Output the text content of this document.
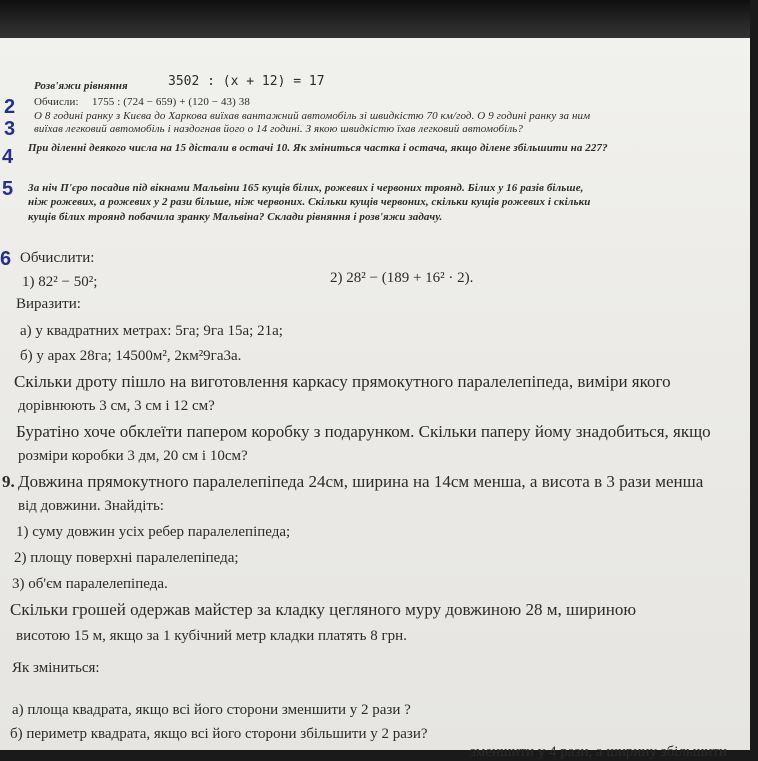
Розв'яжи рівняння	3502 : (x + 12) = 17
Обчисли: 1755 : (724 − 659) + (120 − 43) 38
О 8 годині ранку з Києва до Харкова виїхав вантажний автомобіль зі швидкістю 70 км/год. О 9 годині ранку за ним
виїхав легковий автомобіль і наздогнав його о 14 годині. З якою швидкістю їхав легковий автомобіль?
При діленні деякого числа на 15 дістали в остачі 10. Як зміниться частка і остача, якщо ділене збільшити на 227?
За ніч П'єро посадив під вікнами Мальвіни 165 кущів білих, рожевих і червоних троянд. Білих у 16 разів більше,
ніж рожевих, а рожевих у 2 рази більше, ніж червоних. Скільки кущів червоних, скільки кущів рожевих і скільки
кущів білих троянд побачила зранку Мальвіна? Склади рівняння і розв'яжи задачу.
2
3
4
5
6 Обчислити:
1) 82² − 50²;	2) 28² − (189 + 16² · 2).
Виразити:
а) у квадратних метрах: 5га; 9га 15а; 21а;
б) у арах 28га; 14500м², 2км²9га3а.
Скільки дроту пішло на виготовлення каркасу прямокутного паралелепіпеда, виміри якого
дорівнюють 3 см, 3 см і 12 см?
Буратіно хоче обклеїти папером коробку з подарунком. Скільки паперу йому знадобиться, якщо
розміри коробки 3 дм, 20 см і 10см?
9. Довжина прямокутного паралелепіпеда 24см, ширина на 14см менша, а висота в 3 рази менша
від довжини. Знайдіть:
1) суму довжин усіх ребер паралелепіпеда;
2) площу поверхні паралелепіпеда;
3) об'єм паралелепіпеда.
Скільки грошей одержав майстер за кладку цегляного муру довжиною 28 м, шириною
висотою 15 м, якщо за 1 кубічний метр кладки платять 8 грн.
Як зміниться:
а) площа квадрата, якщо всі його сторони зменшити у 2 рази ?
б) периметр квадрата, якщо всі його сторони збільшити у 2 рази?
зменшити у 4 рази, а ширину збільшити
